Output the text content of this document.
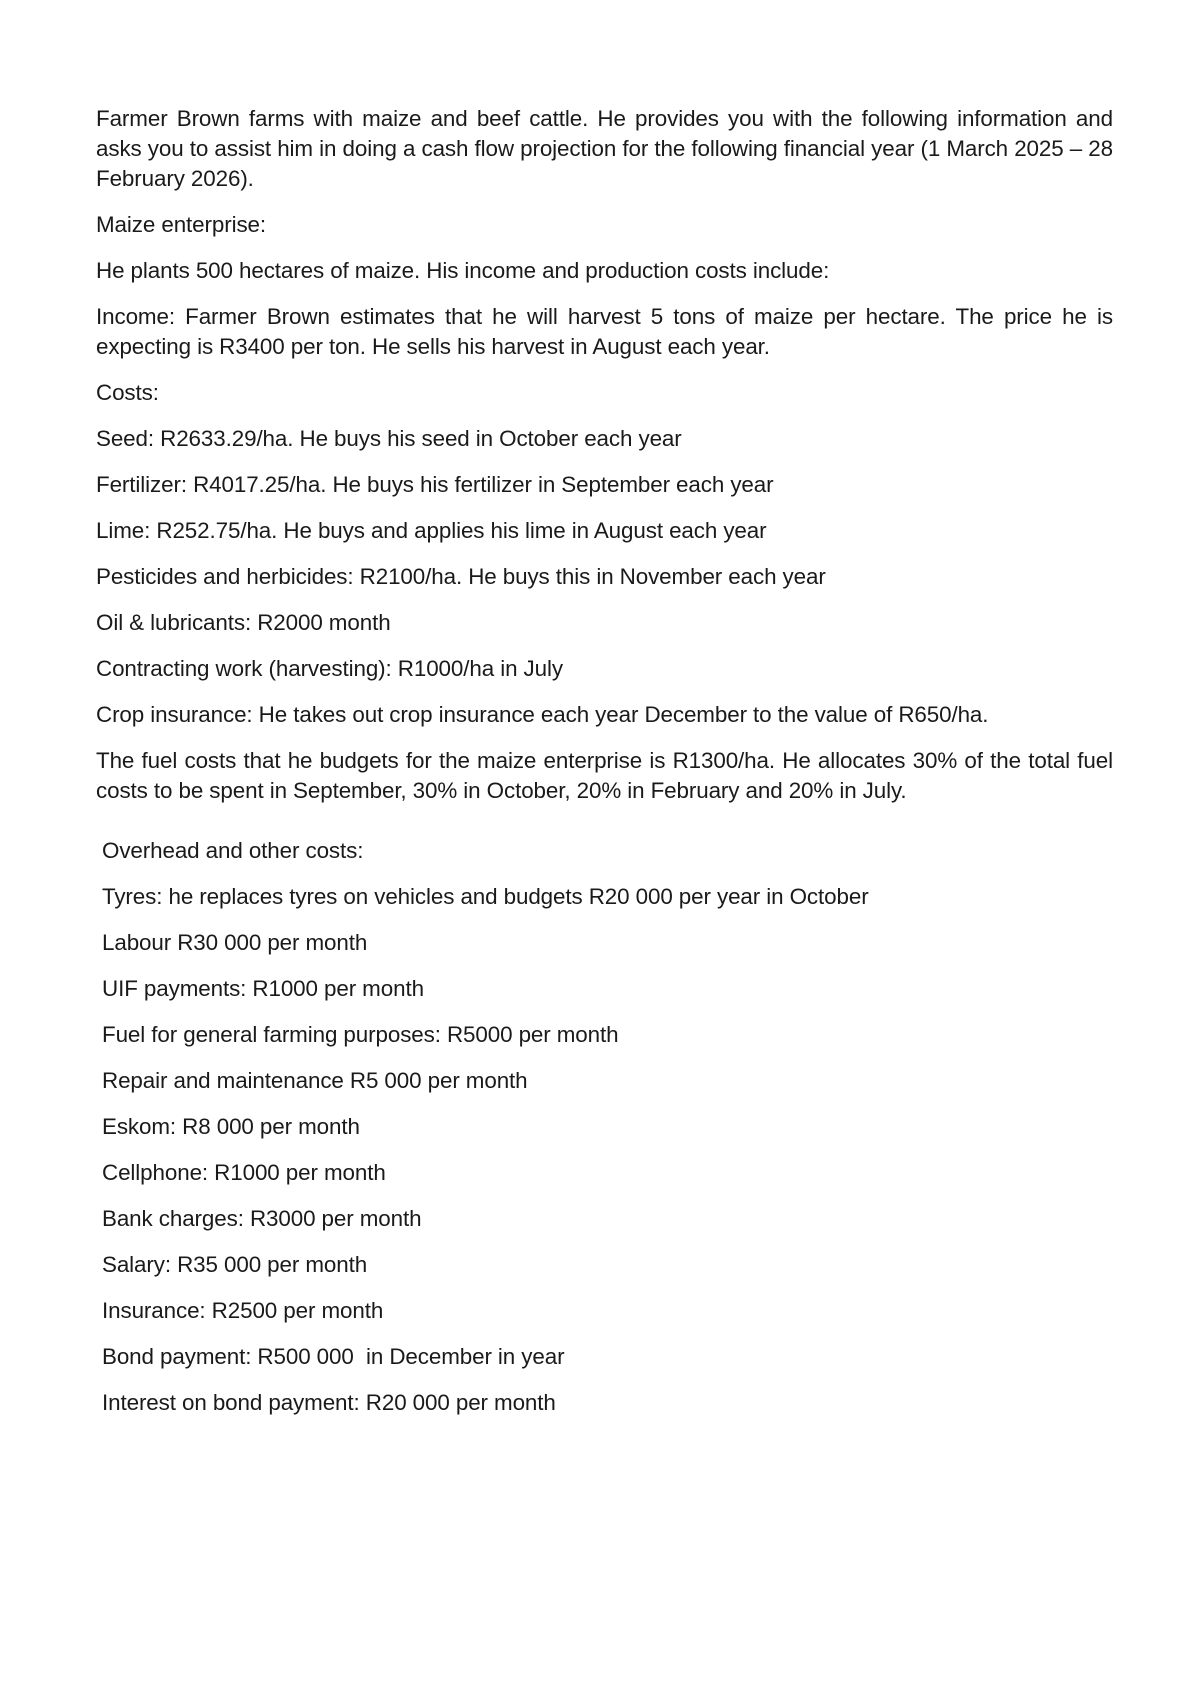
Farmer Brown farms with maize and beef cattle. He provides you with the following information and asks you to assist him in doing a cash flow projection for the following financial year (1 March 2025 – 28 February 2026).

Maize enterprise:

He plants 500 hectares of maize. His income and production costs include:

Income: Farmer Brown estimates that he will harvest 5 tons of maize per hectare. The price he is expecting is R3400 per ton. He sells his harvest in August each year.

Costs:

Seed: R2633.29/ha. He buys his seed in October each year

Fertilizer: R4017.25/ha. He buys his fertilizer in September each year

Lime: R252.75/ha. He buys and applies his lime in August each year

Pesticides and herbicides: R2100/ha. He buys this in November each year

Oil & lubricants: R2000 month

Contracting work (harvesting): R1000/ha in July

Crop insurance: He takes out crop insurance each year December to the value of R650/ha.

The fuel costs that he budgets for the maize enterprise is R1300/ha. He allocates 30% of the total fuel costs to be spent in September, 30% in October, 20% in February and 20% in July.

Overhead and other costs:

Tyres: he replaces tyres on vehicles and budgets R20 000 per year in October

Labour R30 000 per month

UIF payments: R1000 per month

Fuel for general farming purposes: R5000 per month

Repair and maintenance R5 000 per month

Eskom: R8 000 per month

Cellphone: R1000 per month

Bank charges: R3000 per month

Salary: R35 000 per month

Insurance: R2500 per month

Bond payment: R500 000  in December in year

Interest on bond payment: R20 000 per month
